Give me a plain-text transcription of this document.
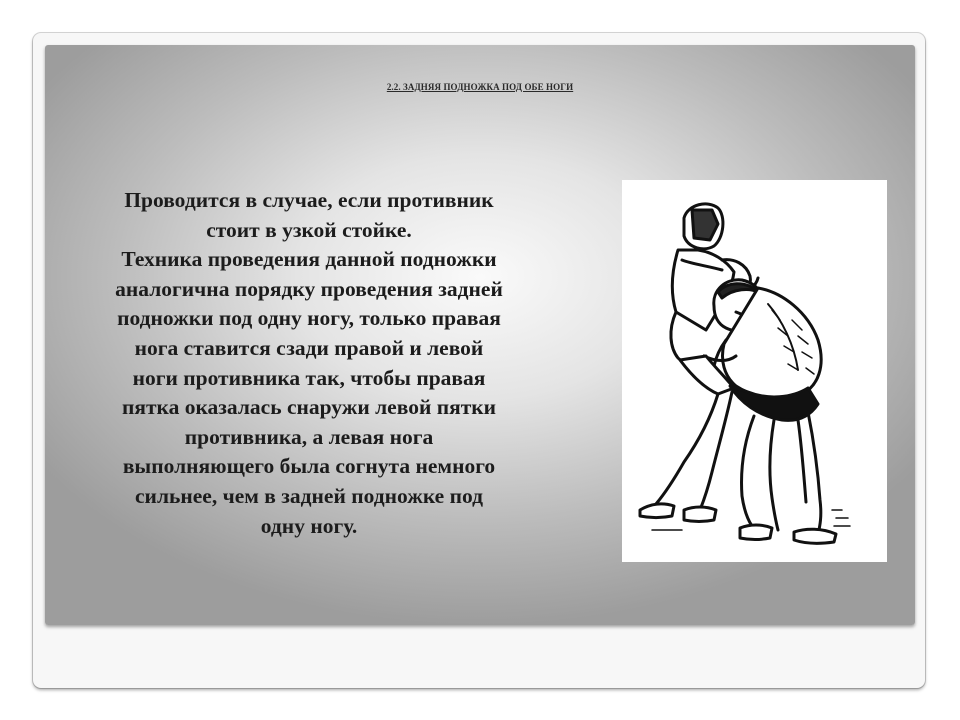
2.2. ЗАДНЯЯ ПОДНОЖКА ПОД ОБЕ НОГИ
Проводится в случае, если противник
стоит в узкой стойке.
Техника проведения данной подножки
аналогична порядку проведения задней
подножки под одну ногу, только правая
нога ставится сзади правой и левой
ноги противника так, чтобы правая
пятка оказалась снаружи левой пятки
противника, а левая нога
выполняющего была согнута немного
сильнее, чем в задней подножке под
одну ногу.
